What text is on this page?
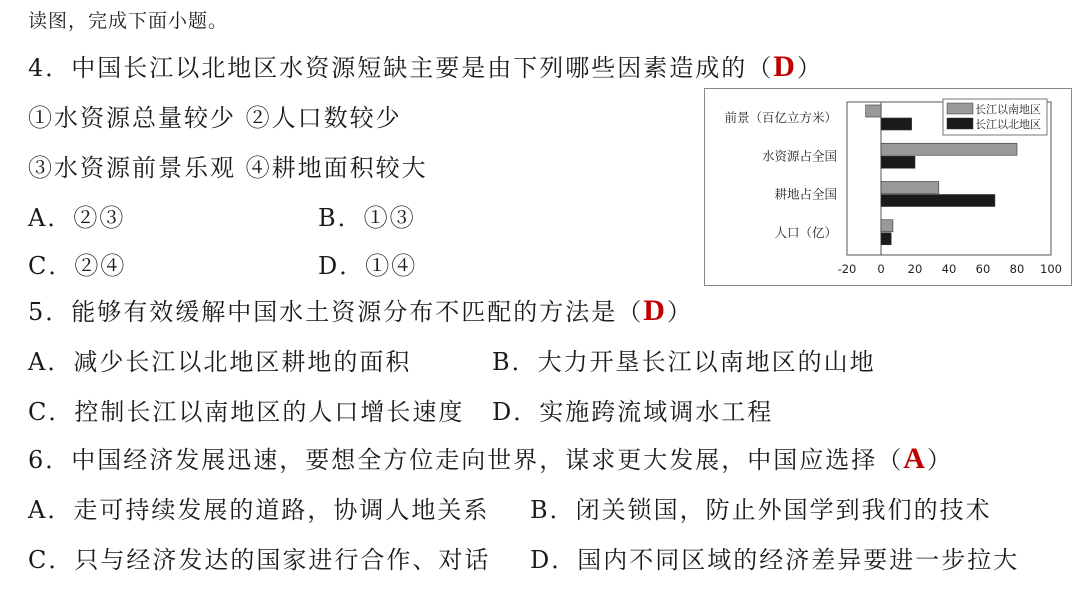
读图，完成下面小题。
4．中国长江以北地区水资源短缺主要是由下列哪些因素造成的（D）
①水资源总量较少 ②人口数较少
③水资源前景乐观 ④耕地面积较大
A．②③	B．①③
C．②④	D．①④
前景（百亿立方米）
水资源占全国
耕地占全国
人口（亿）
-20 0 20 40 60 80 100
长江以南地区
长江以北地区
5．能够有效缓解中国水土资源分布不匹配的方法是（D）
A．减少长江以北地区耕地的面积	B．大力开垦长江以南地区的山地
C．控制长江以南地区的人口增长速度 D．实施跨流域调水工程
6．中国经济发展迅速，要想全方位走向世界，谋求更大发展，中国应选择（A）
A．走可持续发展的道路，协调人地关系 B．闭关锁国，防止外国学到我们的技术
C．只与经济发达的国家进行合作、对话 D．国内不同区域的经济差异要进一步拉大
